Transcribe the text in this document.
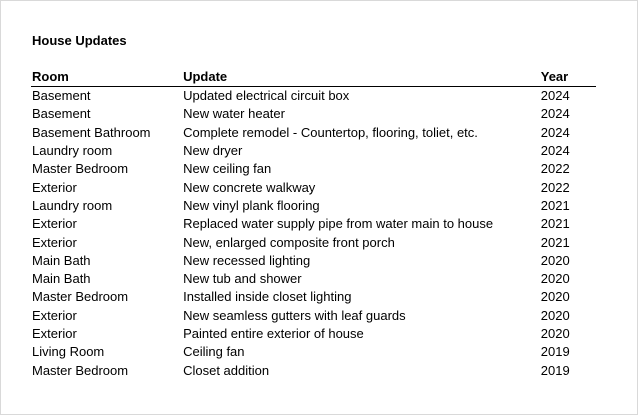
House Updates
Room	Update	Year
Basement	Updated electrical circuit box	2024
Basement	New water heater	2024
Basement Bathroom	Complete remodel - Countertop, flooring, toliet, etc.	2024
Laundry room	New dryer	2024
Master Bedroom	New ceiling fan	2022
Exterior	New concrete walkway	2022
Laundry room	New vinyl plank flooring	2021
Exterior	Replaced water supply pipe from water main to house	2021
Exterior	New, enlarged composite front porch	2021
Main Bath	New recessed lighting	2020
Main Bath	New tub and shower	2020
Master Bedroom	Installed inside closet lighting	2020
Exterior	New seamless gutters with leaf guards	2020
Exterior	Painted entire exterior of house	2020
Living Room	Ceiling fan	2019
Master Bedroom	Closet addition	2019
